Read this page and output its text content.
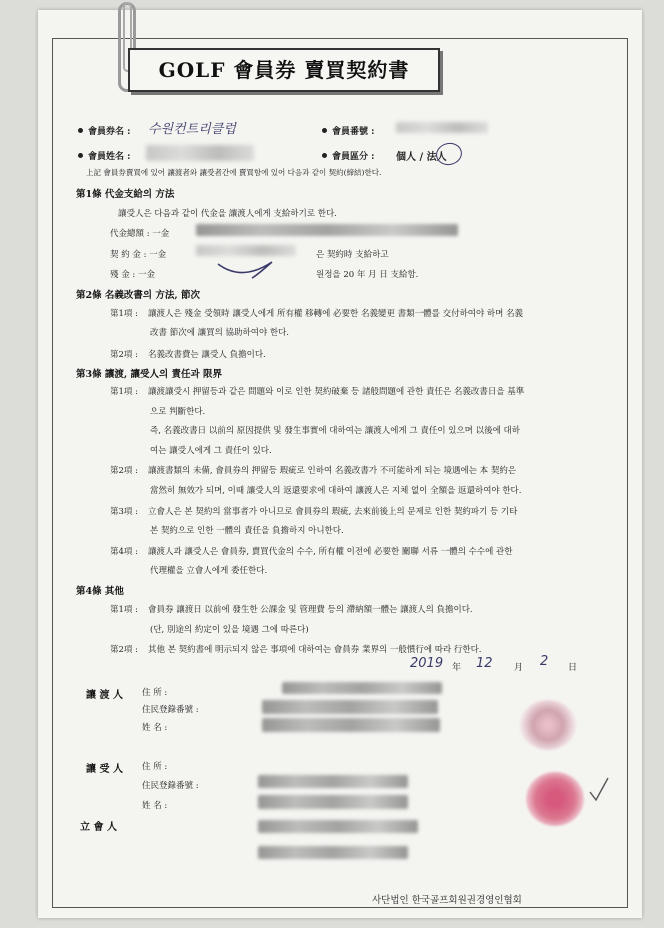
GOLF 會員券 賣買契約書
會員券名 : 수원컨트리클럽	會員番號 :
會員姓名 :	會員區分 : 個人 / 法人
上記 會員券賣買에 있어 讓渡者와 讓受者간에 賣買함에 있어 다음과 같이 契約(締結)한다.
第1條 代金支給의 方法
讓受人은 다음과 같이 代金을 讓渡人에게 支給하기로 한다.
代金總額 : 一金
契 約 金 : 一金	은 契約時 支給하고
殘 金 : 一金	원정을 20 年 月 日 支給함.
第2條 名義改書의 方法, 節次
第1項 : 讓渡人은 殘金 受領時 讓受人에게 所有權 移轉에 必要한 名義變更 書類一體를 交付하여야 하며 名義
改書 節次에 讓買의 協助하여야 한다.
第2項 : 名義改書費는 讓受人 負擔이다.
第3條 讓渡, 讓受人의 責任과 限界
第1項 : 讓渡讓受시 押留등과 같은 問題와 이로 인한 契約破棄 등 諸般問題에 관한 責任은 名義改書日을 基準
으로 判斷한다.
즉, 名義改書日 以前의 原因提供 및 發生事實에 대하여는 讓渡人에게 그 責任이 있으며 以後에 대하
여는 讓受人에게 그 責任이 있다.
第2項 : 讓渡書類의 未備, 會員券의 押留등 瑕疵로 인하여 名義改書가 不可能하게 되는 境遇에는 本 契約은
當然히 無效가 되며, 이때 讓受人의 返還要求에 대하여 讓渡人은 지체 없이 全額을 返還하여야 한다.
第3項 : 立會人은 본 契約의 當事者가 아니므로 會員券의 瑕疵, 去來前後上의 문제로 인한 契約파기 등 기타
본 契約으로 인한 一體의 責任을 負擔하지 아니한다.
第4項 : 讓渡人과 讓受人은 會員券, 賣買代金의 수수, 所有權 이전에 必要한 關聯 서류 一體의 수수에 관한
代理權을 立會人에게 委任한다.
第4條 其他
第1項 : 會員券 讓渡日 以前에 發生한 公課金 및 管理費 등의 滯納額一體는 讓渡人의 負擔이다.
(단, 別途의 約定이 있을 境遇 그에 따른다)
第2項 : 其他 본 契約書에 明示되지 않은 事項에 대하여는 會員券 業界의 一般慣行에 따라 行한다.
2019 年 12 月 2 日
讓 渡 人 住 所 :
住民登錄番號 :
姓 名 :
讓 受 人 住 所 :
住民登錄番號 :
姓 名 :
立 會 人
사단법인 한국골프회원권경영인협회
